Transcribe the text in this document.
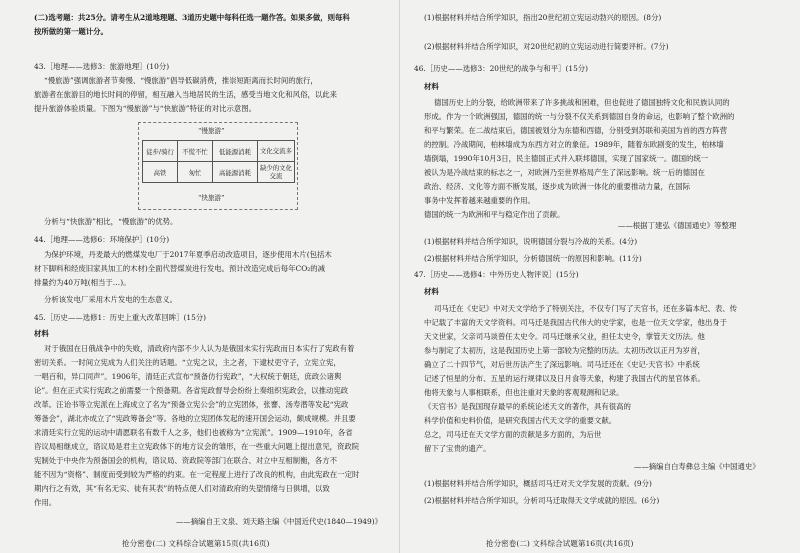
(二)选考题：共25分。请考生从2道地理题、3道历史题中每科任选一题作答。如果多做，则每科
按所做的第一题计分。
43.［地理——选修3：旅游地理］(10分)
“慢旅游”强调旅游者节奏慢、“慢旅游”倡导低碳消费，推崇短距离而长时间的旅行，
旅游者在旅游目的地长时间的停留，相互融入当地居民的生活，感受当地文化和风俗，以此来
提升旅游体验质量。下图为“慢旅游”与“快旅游”特征的对比示意图。
“慢旅游”
徒步/骑行	不慌不忙	低能源消耗	文化交流多
高铁	匆忙	高能源消耗	缺少的文化交流
“快旅游”
分析与“快旅游”相比，“慢旅游”的优势。
44.［地理——选修6：环境保护］(10分)
为保护环境，丹麦最大的燃煤发电厂于2017年夏季启动改造项目，逐步使用木片(包括木
材下脚料和经废旧家具加工的木材)全面代替煤炭进行发电。预计改造完成后每年CO₂的减
排量约为40万吨(相当于…)。
分析该发电厂采用木片发电的生态意义。
45.［历史——选修1：历史上重大改革回眸］(15分)
材料
对于俄国在日俄战争中的失败，清政府内部不少人认为是俄国未实行宪政而日本实行了宪政有着
密切关系。一时间立宪成为人们关注的话题。“立宪之议，主之者，下逮杖吏守子，立宪立宪，
一唱百和，异口同声”。1906年，清廷正式宣布“预备仿行宪政”，“大权统于朝廷，庶政公诸舆
论”。但在正式实行宪政之前需要一个预备期。各省宪政督导会纷纷上奏组织宪政会，以推动宪政
改革。汪诒书等立宪派在上海成立了名为“预备立宪公会”的立宪团体，张謇、汤寿潜等发起“宪政
筹备会”，湖北亦成立了“宪政筹备会”等。各地的立宪团体发起的速开国会运动，颇成规模。并且要
求清廷实行立宪的运动中请愿联名有数千人之多，他们也被称为“立宪派”。1909—1910年，各省
咨议局相继成立，谘议局是君主立宪政体下的地方议会的雏形，在一些重大问题上提出意见，资政院
宪制处于中央作为预备国会的机构，谘议局、资政院等部门在联合、对立中互相制衡，各方不
能不因为“资格”、制度而受到较为严格的约束。在一定程度上进行了改良的机构，由此宪政在一定时
期内行之有效，其“有名无实、徒有其表”的特点使人们对清政府的失望情绪与日俱增，以致
作用。
——摘编自王文泉、刘天路主编《中国近代史(1840—1949)》
抢分密卷(二) 文科综合试题第15页(共16页)
(1)根据材料并结合所学知识，指出20世纪初立宪运动勃兴的原因。(8分)
(2)根据材料并结合所学知识，对20世纪初的立宪运动进行简要评析。(7分)
46.［历史——选修3：20世纪的战争与和平］(15分)
材料
德国历史上的分裂，给欧洲带来了许多挑战和困难，但也促进了德国独特文化和民族认同的
形成。作为一个欧洲强国，德国的统一与分裂不仅关系到德国自身的命运，也影响了整个欧洲的
和平与繁荣。在二战结束后，德国被划分为东德和西德，分别受到苏联和美国为首的西方阵营
的控制。冷战期间，柏林墙成为东西方对立的象征。1989年，随着东欧剧变的发生，柏林墙
墙倒塌，1990年10月3日，民主德国正式并入联邦德国，实现了国家统一。德国的统一
被认为是冷战结束的标志之一，对欧洲乃至世界格局产生了深远影响。统一后的德国在
政治、经济、文化等方面不断发展，逐步成为欧洲一体化的重要推动力量，在国际
事务中发挥着越来越重要的作用。
德国的统一为欧洲和平与稳定作出了贡献。
——根据丁建弘《德国通史》等整理
(1)根据材料并结合所学知识，说明德国分裂与冷战的关系。(4分)
(2)根据材料并结合所学知识，分析德国统一的原因和影响。(11分)
47.［历史——选修4：中外历史人物评说］(15分)
材料
司马迁在《史记》中对天文学给予了特别关注，不仅专门写了天官书，还在多篇本纪、表、传
中记载了丰富的天文学资料。司马迁是我国古代伟大的史学家，也是一位天文学家，他出身于
天文世家，父亲司马谈曾任太史令。司马迁继承父业，担任太史令，掌管天文历法。他
参与制定了太初历，这是我国历史上第一部较为完整的历法。太初历改以正月为岁首，
确立了二十四节气，对后世历法产生了深远影响。司马迁还在《史记·天官书》中系统
记述了恒星的分布、五星的运行规律以及日月食等天象，构建了我国古代的星官体系。
他将天象与人事相联系，但也注重对天象的客观观测和记录。
《天官书》是我国现存最早的系统论述天文的著作，具有很高的
科学价值和史料价值，是研究我国古代天文学的重要文献。
总之，司马迁在天文学方面的贡献是多方面的，为后世
留下了宝贵的遗产。
——摘编自白寿彝总主编《中国通史》
(1)根据材料并结合所学知识，概括司马迁对天文学发展的贡献。(9分)
(2)根据材料并结合所学知识，分析司马迁取得天文学成就的原因。(6分)
抢分密卷(二) 文科综合试题第16页(共16页)
